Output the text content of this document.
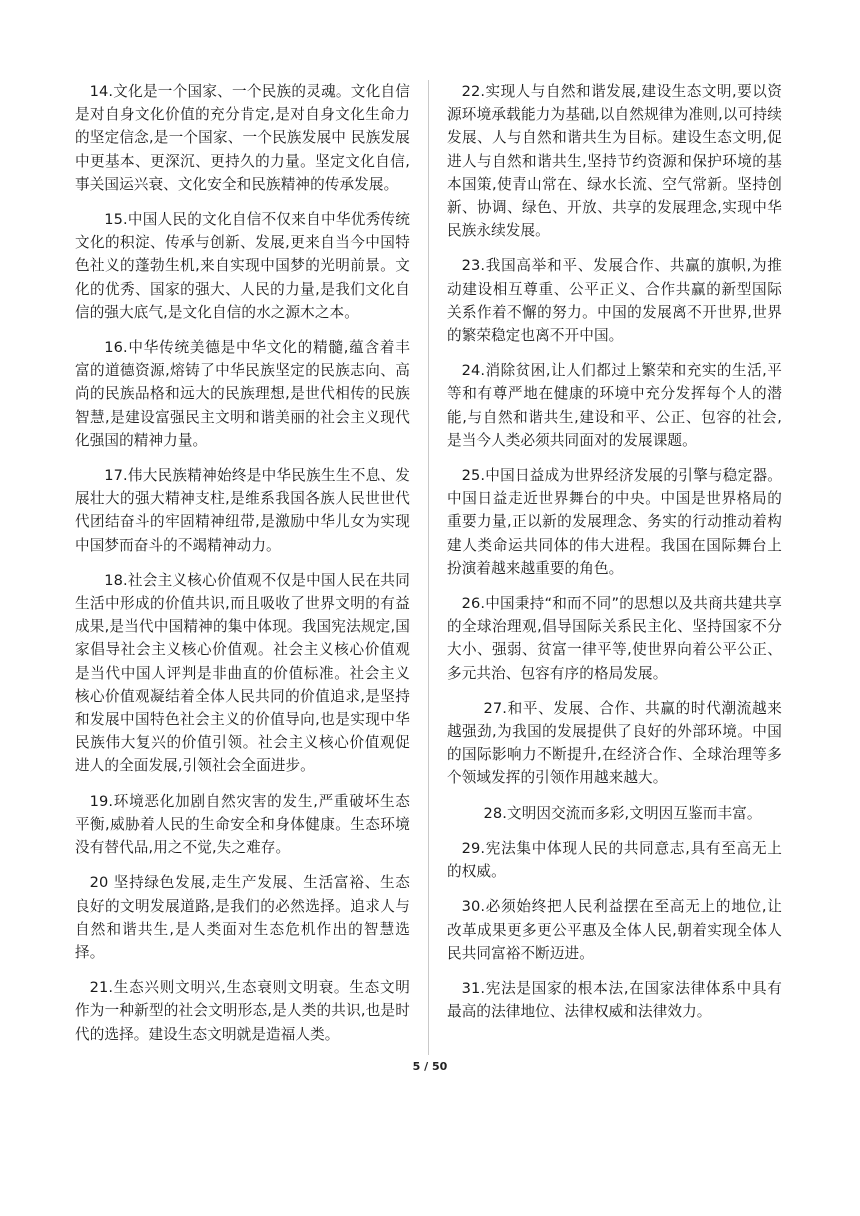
14.文化是一个国家、一个民族的灵魂。文化自信是对自身文化价值的充分肯定,是对自身文化生命力的坚定信念,是一个国家、一个民族发展中 民族发展中更基本、更深沉、更持久的力量。坚定文化自信,事关国运兴衰、文化安全和民族精神的传承发展。

15.中国人民的文化自信不仅来自中华优秀传统文化的积淀、传承与创新、发展,更来自当今中国特色社义的蓬勃生机,来自实现中国梦的光明前景。文化的优秀、国家的强大、人民的力量,是我们文化自信的强大底气,是文化自信的水之源木之本。

16.中华传统美德是中华文化的精髓,蕴含着丰富的道德资源,熔铸了中华民族坚定的民族志向、高尚的民族品格和远大的民族理想,是世代相传的民族智慧,是建设富强民主文明和谐美丽的社会主义现代化强国的精神力量。

17.伟大民族精神始终是中华民族生生不息、发展壮大的强大精神支柱,是维系我国各族人民世世代代团结奋斗的牢固精神纽带,是激励中华儿女为实现中国梦而奋斗的不竭精神动力。

18.社会主义核心价值观不仅是中国人民在共同生活中形成的价值共识,而且吸收了世界文明的有益成果,是当代中国精神的集中体现。我国宪法规定,国家倡导社会主义核心价值观。社会主义核心价值观是当代中国人评判是非曲直的价值标准。社会主义核心价值观凝结着全体人民共同的价值追求,是坚持和发展中国特色社会主义的价值导向,也是实现中华民族伟大复兴的价值引领。社会主义核心价值观促进人的全面发展,引领社会全面进步。

19.环境恶化加剧自然灾害的发生,严重破坏生态平衡,威胁着人民的生命安全和身体健康。生态环境没有替代品,用之不觉,失之难存。

20 坚持绿色发展,走生产发展、生活富裕、生态良好的文明发展道路,是我们的必然选择。追求人与自然和谐共生,是人类面对生态危机作出的智慧选择。

21.生态兴则文明兴,生态衰则文明衰。生态文明作为一种新型的社会文明形态,是人类的共识,也是时代的选择。建设生态文明就是造福人类。

22.实现人与自然和谐发展,建设生态文明,要以资源环境承载能力为基础,以自然规律为准则,以可持续发展、人与自然和谐共生为目标。建设生态文明,促进人与自然和谐共生,坚持节约资源和保护环境的基本国策,使青山常在、绿水长流、空气常新。坚持创新、协调、绿色、开放、共享的发展理念,实现中华民族永续发展。

23.我国高举和平、发展合作、共赢的旗帜,为推动建设相互尊重、公平正义、合作共赢的新型国际关系作着不懈的努力。中国的发展离不开世界,世界的繁荣稳定也离不开中国。

24.消除贫困,让人们都过上繁荣和充实的生活,平等和有尊严地在健康的环境中充分发挥每个人的潜能,与自然和谐共生,建设和平、公正、包容的社会,是当今人类必须共同面对的发展课题。

25.中国日益成为世界经济发展的引擎与稳定器。中国日益走近世界舞台的中央。中国是世界格局的重要力量,正以新的发展理念、务实的行动推动着构建人类命运共同体的伟大进程。我国在国际舞台上扮演着越来越重要的角色。

26.中国秉持“和而不同”的思想以及共商共建共享的全球治理观,倡导国际关系民主化、坚持国家不分大小、强弱、贫富一律平等,使世界向着公平公正、多元共治、包容有序的格局发展。

27.和平、发展、合作、共赢的时代潮流越来越强劲,为我国的发展提供了良好的外部环境。中国的国际影响力不断提升,在经济合作、全球治理等多个领域发挥的引领作用越来越大。

28.文明因交流而多彩,文明因互鉴而丰富。

29.宪法集中体现人民的共同意志,具有至高无上的权威。

30.必须始终把人民利益摆在至高无上的地位,让改革成果更多更公平惠及全体人民,朝着实现全体人民共同富裕不断迈进。

31.宪法是国家的根本法,在国家法律体系中具有最高的法律地位、法律权威和法律效力。

5 / 50
